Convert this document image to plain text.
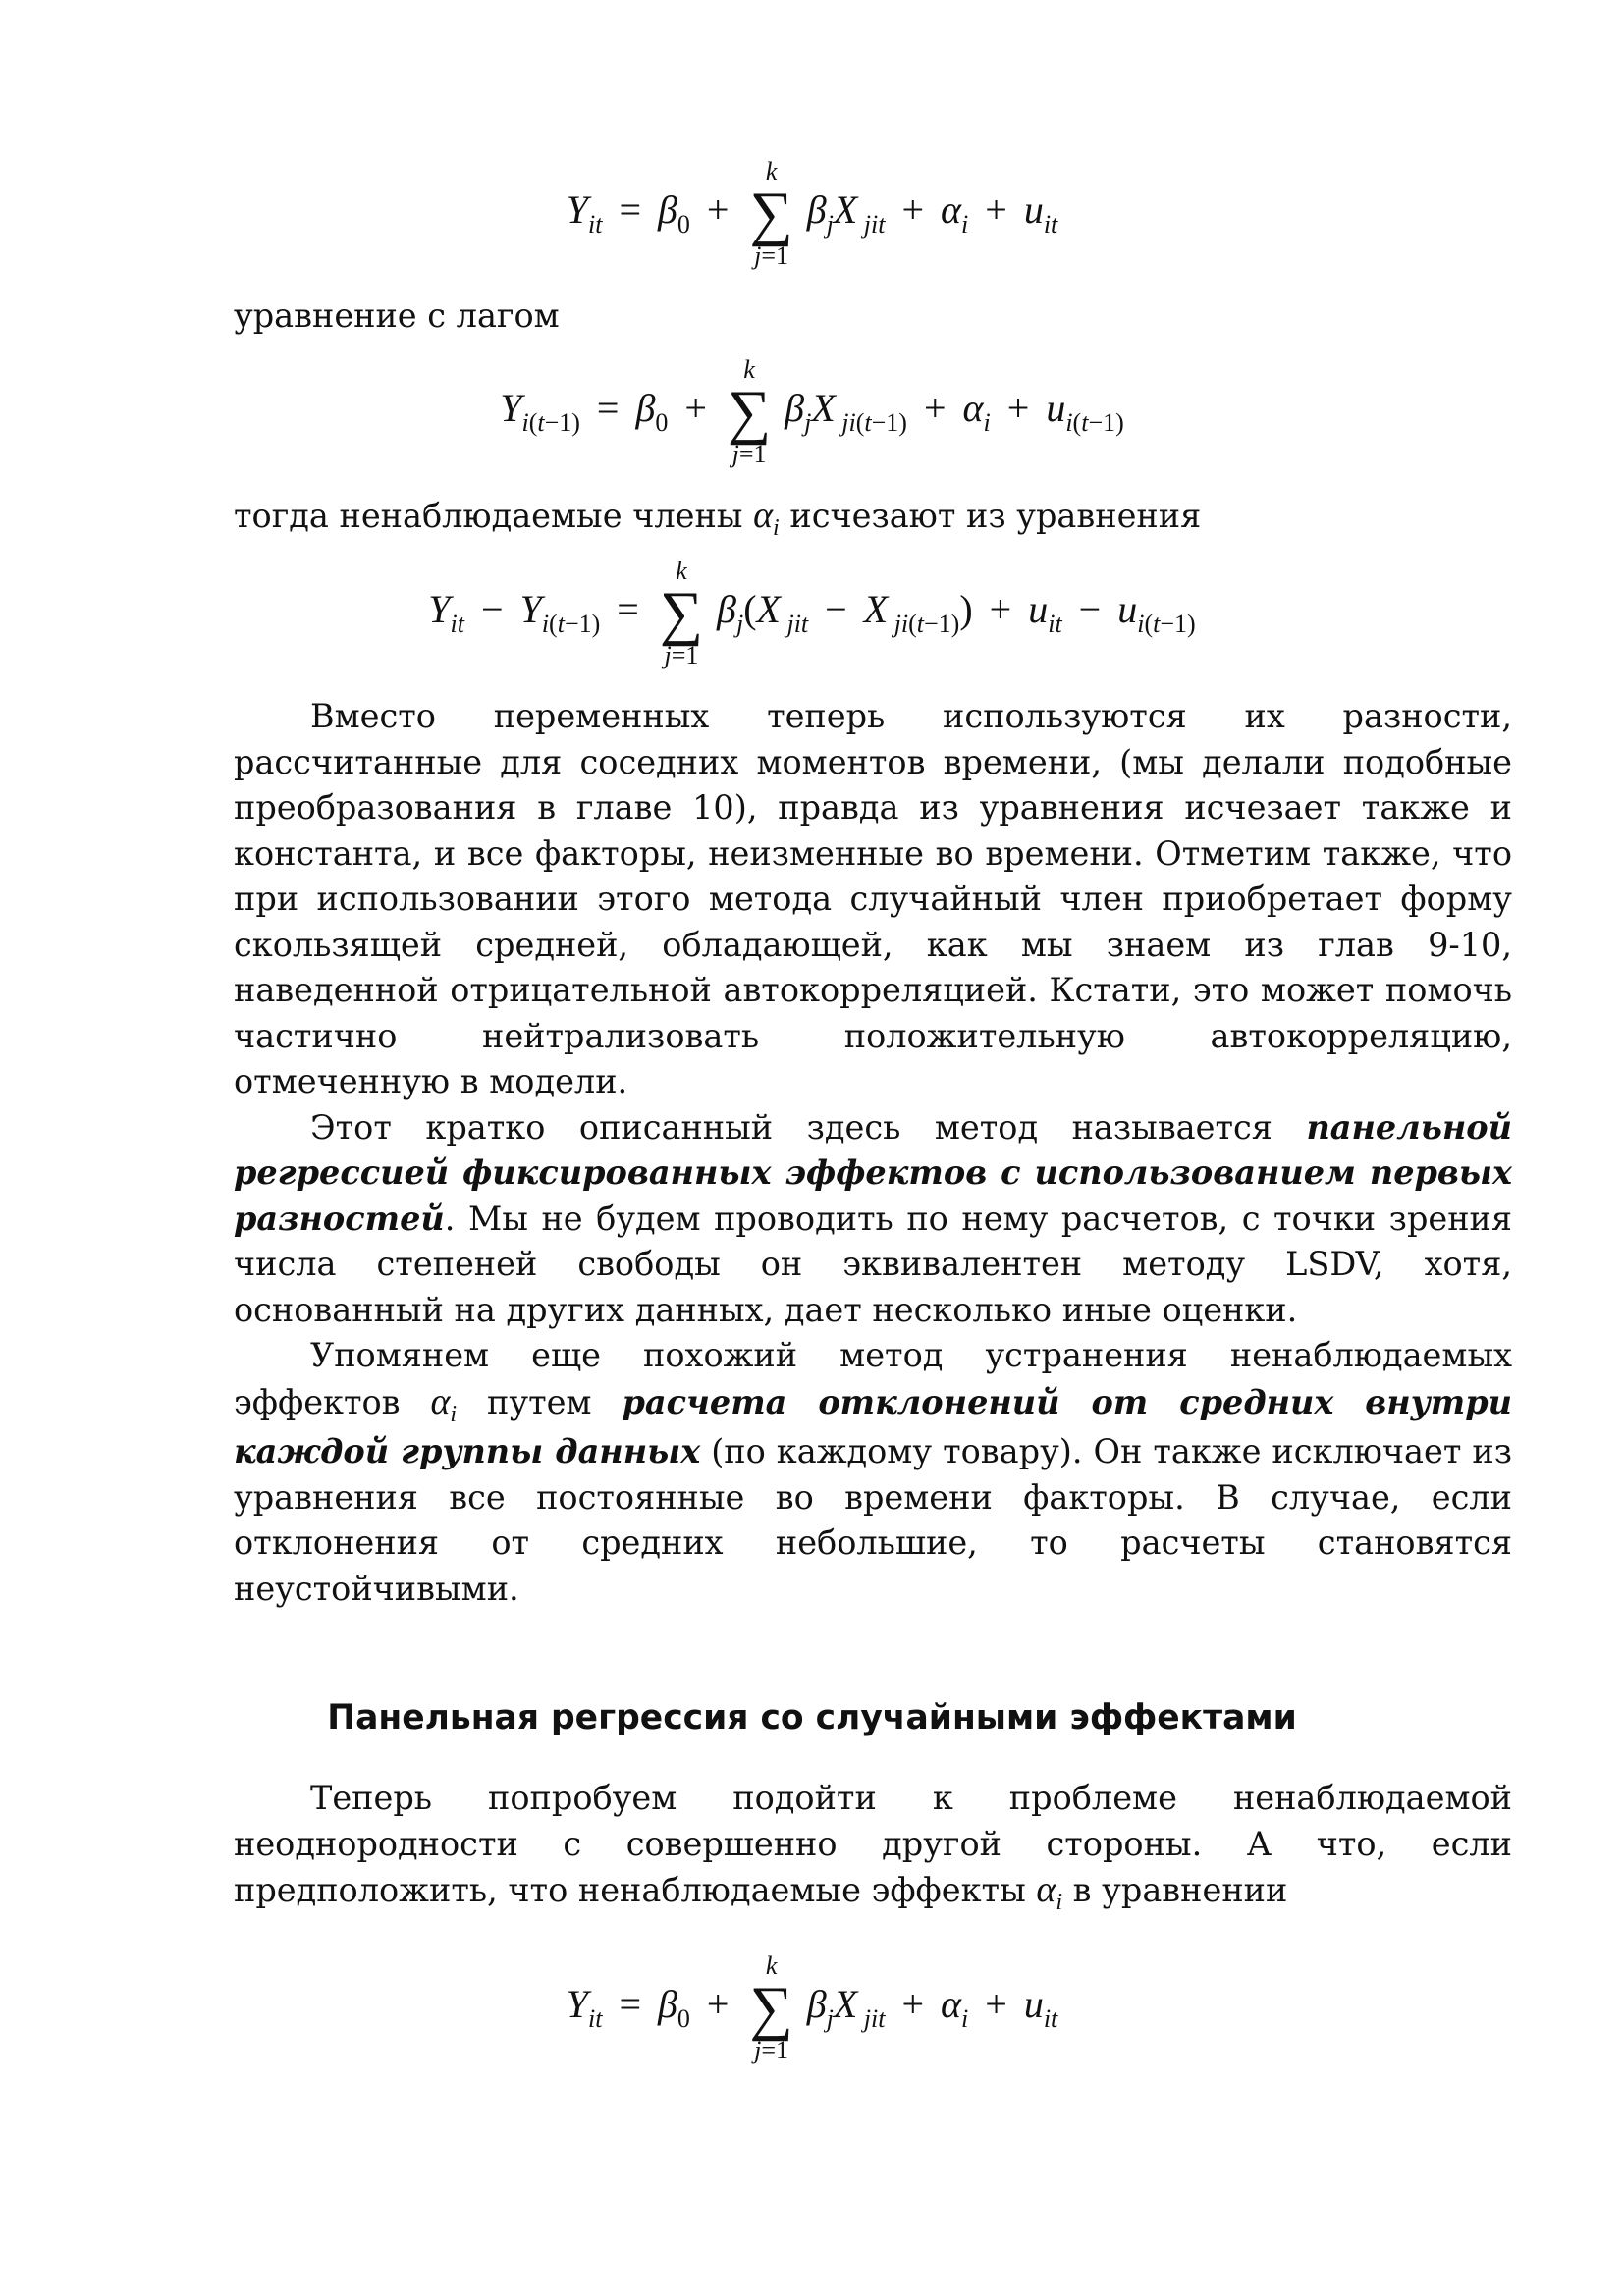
$Y_{it} = \beta_0$ +
k
∑
j=1
$\beta_jX$ $_{jit} + \alpha_i + u_{it}$
уравнение с лагом
$Y_{i(t-1)} = \beta_0$ +
k
∑
j=1
$\beta_jX$ $_{ji(t-1)} + \alpha_i + u_{i(t-1)}$
тогда ненаблюдаемые члены $\alpha_i$ исчезают из уравнения
$Y_{it} - Y_{i(t-1)}$ =
k
∑
j=1
$\beta_j(X$ $_{jit}$ − X $_{ji(t-1)}) + u_{it} - u_{i(t-1)}$

Вместо переменных теперь используются их разности, рассчитанные для соседних моментов времени, (мы делали подобные преобразования в главе 10), правда из уравнения исчезает также и константа, и все факторы, неизменные во времени. Отметим также, что при использовании этого метода случайный член приобретает форму скользящей средней, обладающей, как мы знаем из глав 9-10, наведенной отрицательной автокорреляцией. Кстати, это может помочь частично нейтрализовать положительную автокорреляцию, отмеченную в модели.

Этот кратко описанный здесь метод называется панельной регрессией фиксированных эффектов с использованием первых разностей. Мы не будем проводить по нему расчетов, с точки зрения числа степеней свободы он эквивалентен методу LSDV, хотя, основанный на других данных, дает несколько иные оценки.

Упомянем еще похожий метод устранения ненаблюдаемых эффектов $\alpha_i$ путем расчета отклонений от средних внутри каждой группы данных (по каждому товару). Он также исключает из уравнения все постоянные во времени факторы. В случае, если отклонения от средних небольшие, то расчеты становятся неустойчивыми.

Панельная регрессия со случайными эффектами

Теперь попробуем подойти к проблеме ненаблюдаемой неоднородности с совершенно другой стороны. А что, если предположить, что ненаблюдаемые эффекты $\alpha_i$ в уравнении

$Y_{it} = \beta_0$ +
k
∑
j=1
$\beta_jX$ $_{jit} + \alpha_i + u_{it}$
